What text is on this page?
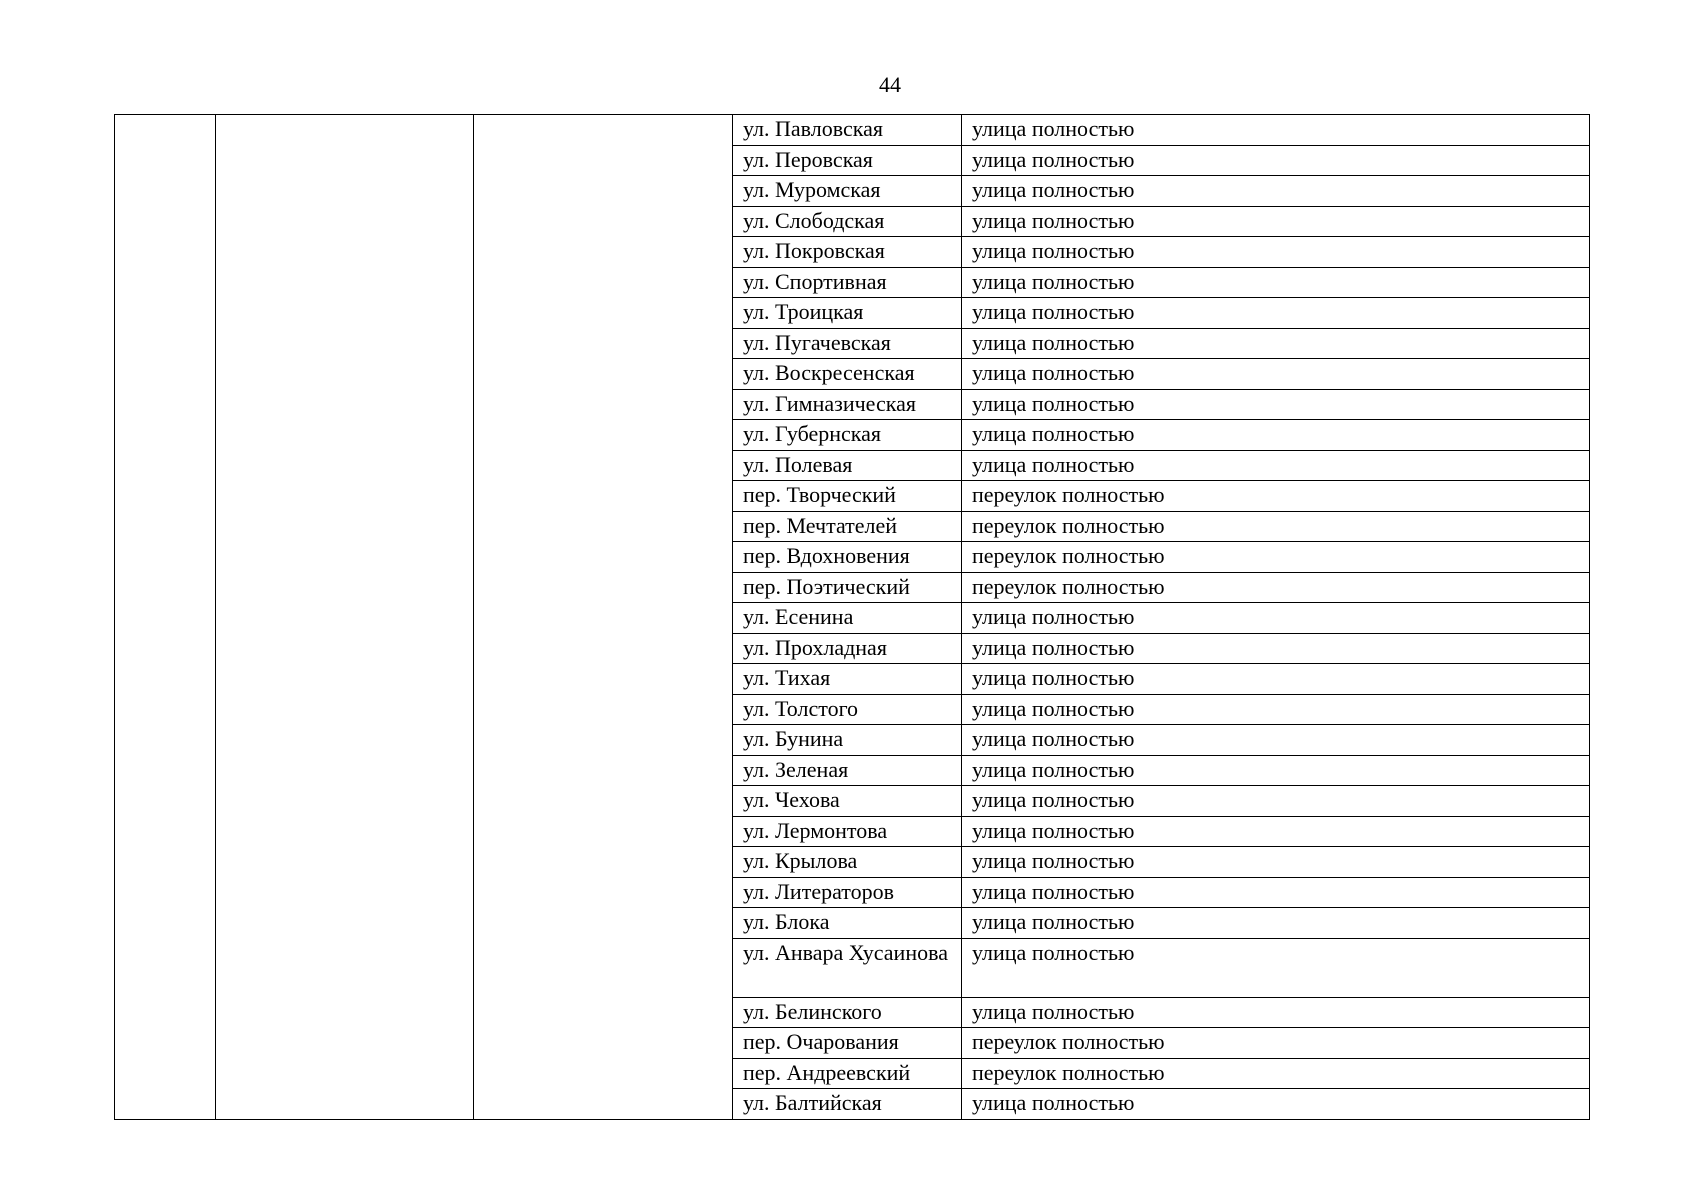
44
			ул. Павловская	улица полностью
			ул. Перовская	улица полностью
			ул. Муромская	улица полностью
			ул. Слободская	улица полностью
			ул. Покровская	улица полностью
			ул. Спортивная	улица полностью
			ул. Троицкая	улица полностью
			ул. Пугачевская	улица полностью
			ул. Воскресенская	улица полностью
			ул. Гимназическая	улица полностью
			ул. Губернская	улица полностью
			ул. Полевая	улица полностью
			пер. Творческий	переулок полностью
			пер. Мечтателей	переулок полностью
			пер. Вдохновения	переулок полностью
			пер. Поэтический	переулок полностью
			ул. Есенина	улица полностью
			ул. Прохладная	улица полностью
			ул. Тихая	улица полностью
			ул. Толстого	улица полностью
			ул. Бунина	улица полностью
			ул. Зеленая	улица полностью
			ул. Чехова	улица полностью
			ул. Лермонтова	улица полностью
			ул. Крылова	улица полностью
			ул. Литераторов	улица полностью
			ул. Блока	улица полностью
			ул. Анвара Хусаинова	улица полностью
			ул. Белинского	улица полностью
			пер. Очарования	переулок полностью
			пер. Андреевский	переулок полностью
			ул. Балтийская	улица полностью
